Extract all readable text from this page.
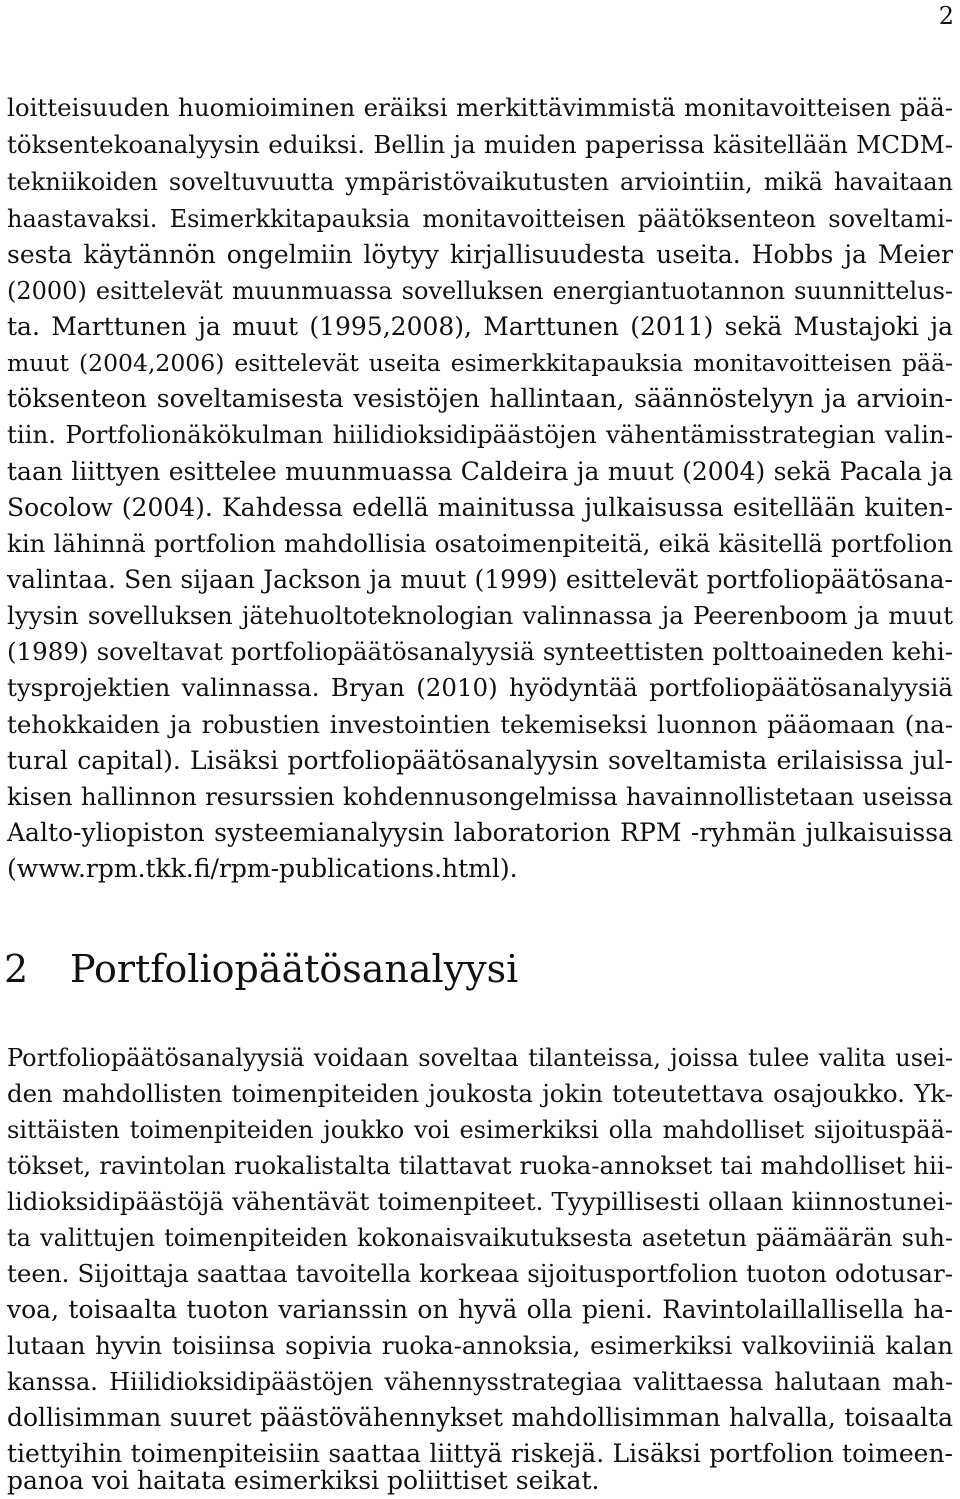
2
loitteisuuden huomioiminen eräiksi merkittävimmistä monitavoitteisen pää-
töksentekoanalyysin eduiksi. Bellin ja muiden paperissa käsitellään MCDM-
tekniikoiden soveltuvuutta ympäristövaikutusten arviointiin, mikä havaitaan
haastavaksi. Esimerkkitapauksia monitavoitteisen päätöksenteon soveltami-
sesta käytännön ongelmiin löytyy kirjallisuudesta useita. Hobbs ja Meier
(2000) esittelevät muunmuassa sovelluksen energiantuotannon suunnittelus-
ta. Marttunen ja muut (1995,2008), Marttunen (2011) sekä Mustajoki ja
muut (2004,2006) esittelevät useita esimerkkitapauksia monitavoitteisen pää-
töksenteon soveltamisesta vesistöjen hallintaan, säännöstelyyn ja arvioin-
tiin. Portfolionäkökulman hiilidioksidipäästöjen vähentämisstrategian valin-
taan liittyen esittelee muunmuassa Caldeira ja muut (2004) sekä Pacala ja
Socolow (2004). Kahdessa edellä mainitussa julkaisussa esitellään kuiten-
kin lähinnä portfolion mahdollisia osatoimenpiteitä, eikä käsitellä portfolion
valintaa. Sen sijaan Jackson ja muut (1999) esittelevät portfoliopäätösana-
lyysin sovelluksen jätehuoltoteknologian valinnassa ja Peerenboom ja muut
(1989) soveltavat portfoliopäätösanalyysiä synteettisten polttoaineden kehi-
tysprojektien valinnassa. Bryan (2010) hyödyntää portfoliopäätösanalyysiä
tehokkaiden ja robustien investointien tekemiseksi luonnon pääomaan (na-
tural capital). Lisäksi portfoliopäätösanalyysin soveltamista erilaisissa jul-
kisen hallinnon resurssien kohdennusongelmissa havainnollistetaan useissa
Aalto-yliopiston systeemianalyysin laboratorion RPM -ryhmän julkaisuissa
(www.rpm.tkk.fi/rpm-publications.html).
2 Portfoliopäätösanalyysi
Portfoliopäätösanalyysiä voidaan soveltaa tilanteissa, joissa tulee valita usei-
den mahdollisten toimenpiteiden joukosta jokin toteutettava osajoukko. Yk-
sittäisten toimenpiteiden joukko voi esimerkiksi olla mahdolliset sijoituspää-
tökset, ravintolan ruokalistalta tilattavat ruoka-annokset tai mahdolliset hii-
lidioksidipäästöjä vähentävät toimenpiteet. Tyypillisesti ollaan kiinnostunei-
ta valittujen toimenpiteiden kokonaisvaikutuksesta asetetun päämäärän suh-
teen. Sijoittaja saattaa tavoitella korkeaa sijoitusportfolion tuoton odotusar-
voa, toisaalta tuoton varianssin on hyvä olla pieni. Ravintolaillallisella ha-
lutaan hyvin toisiinsa sopivia ruoka-annoksia, esimerkiksi valkoviiniä kalan
kanssa. Hiilidioksidipäästöjen vähennysstrategiaa valittaessa halutaan mah-
dollisimman suuret päästövähennykset mahdollisimman halvalla, toisaalta
tiettyihin toimenpiteisiin saattaa liittyä riskejä. Lisäksi portfolion toimeen-
panoa voi haitata esimerkiksi poliittiset seikat.
